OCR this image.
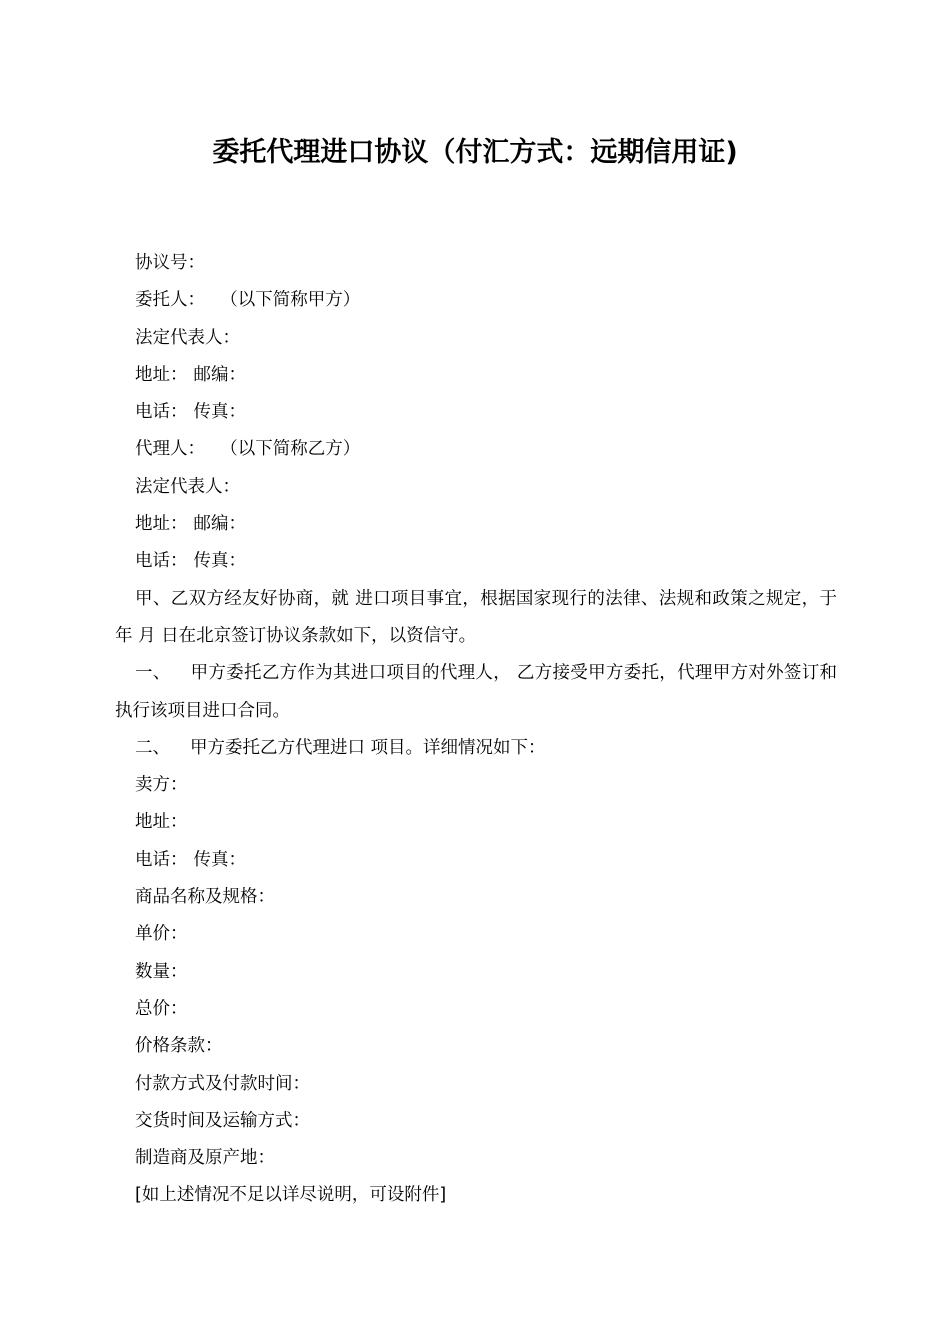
委托代理进口协议（付汇方式：远期信用证)
协议号：
委托人： （以下简称甲方）
法定代表人：
地址： 邮编：
电话： 传真：
代理人： （以下简称乙方）
法定代表人：
地址： 邮编：
电话： 传真：

甲、乙双方经友好协商，就 进口项目事宜，根据国家现行的法律、法规和政策之规定，于 年 月 日在北京签订协议条款如下，以资信守。

一、 甲方委托乙方作为其进口项目的代理人， 乙方接受甲方委托，代理甲方对外签订和执行该项目进口合同。

二、 甲方委托乙方代理进口 项目。详细情况如下：
卖方：
地址：
电话： 传真：
商品名称及规格：
单价：
数量：
总价：
价格条款：
付款方式及付款时间：
交货时间及运输方式：
制造商及原产地：
[如上述情况不足以详尽说明，可设附件]
